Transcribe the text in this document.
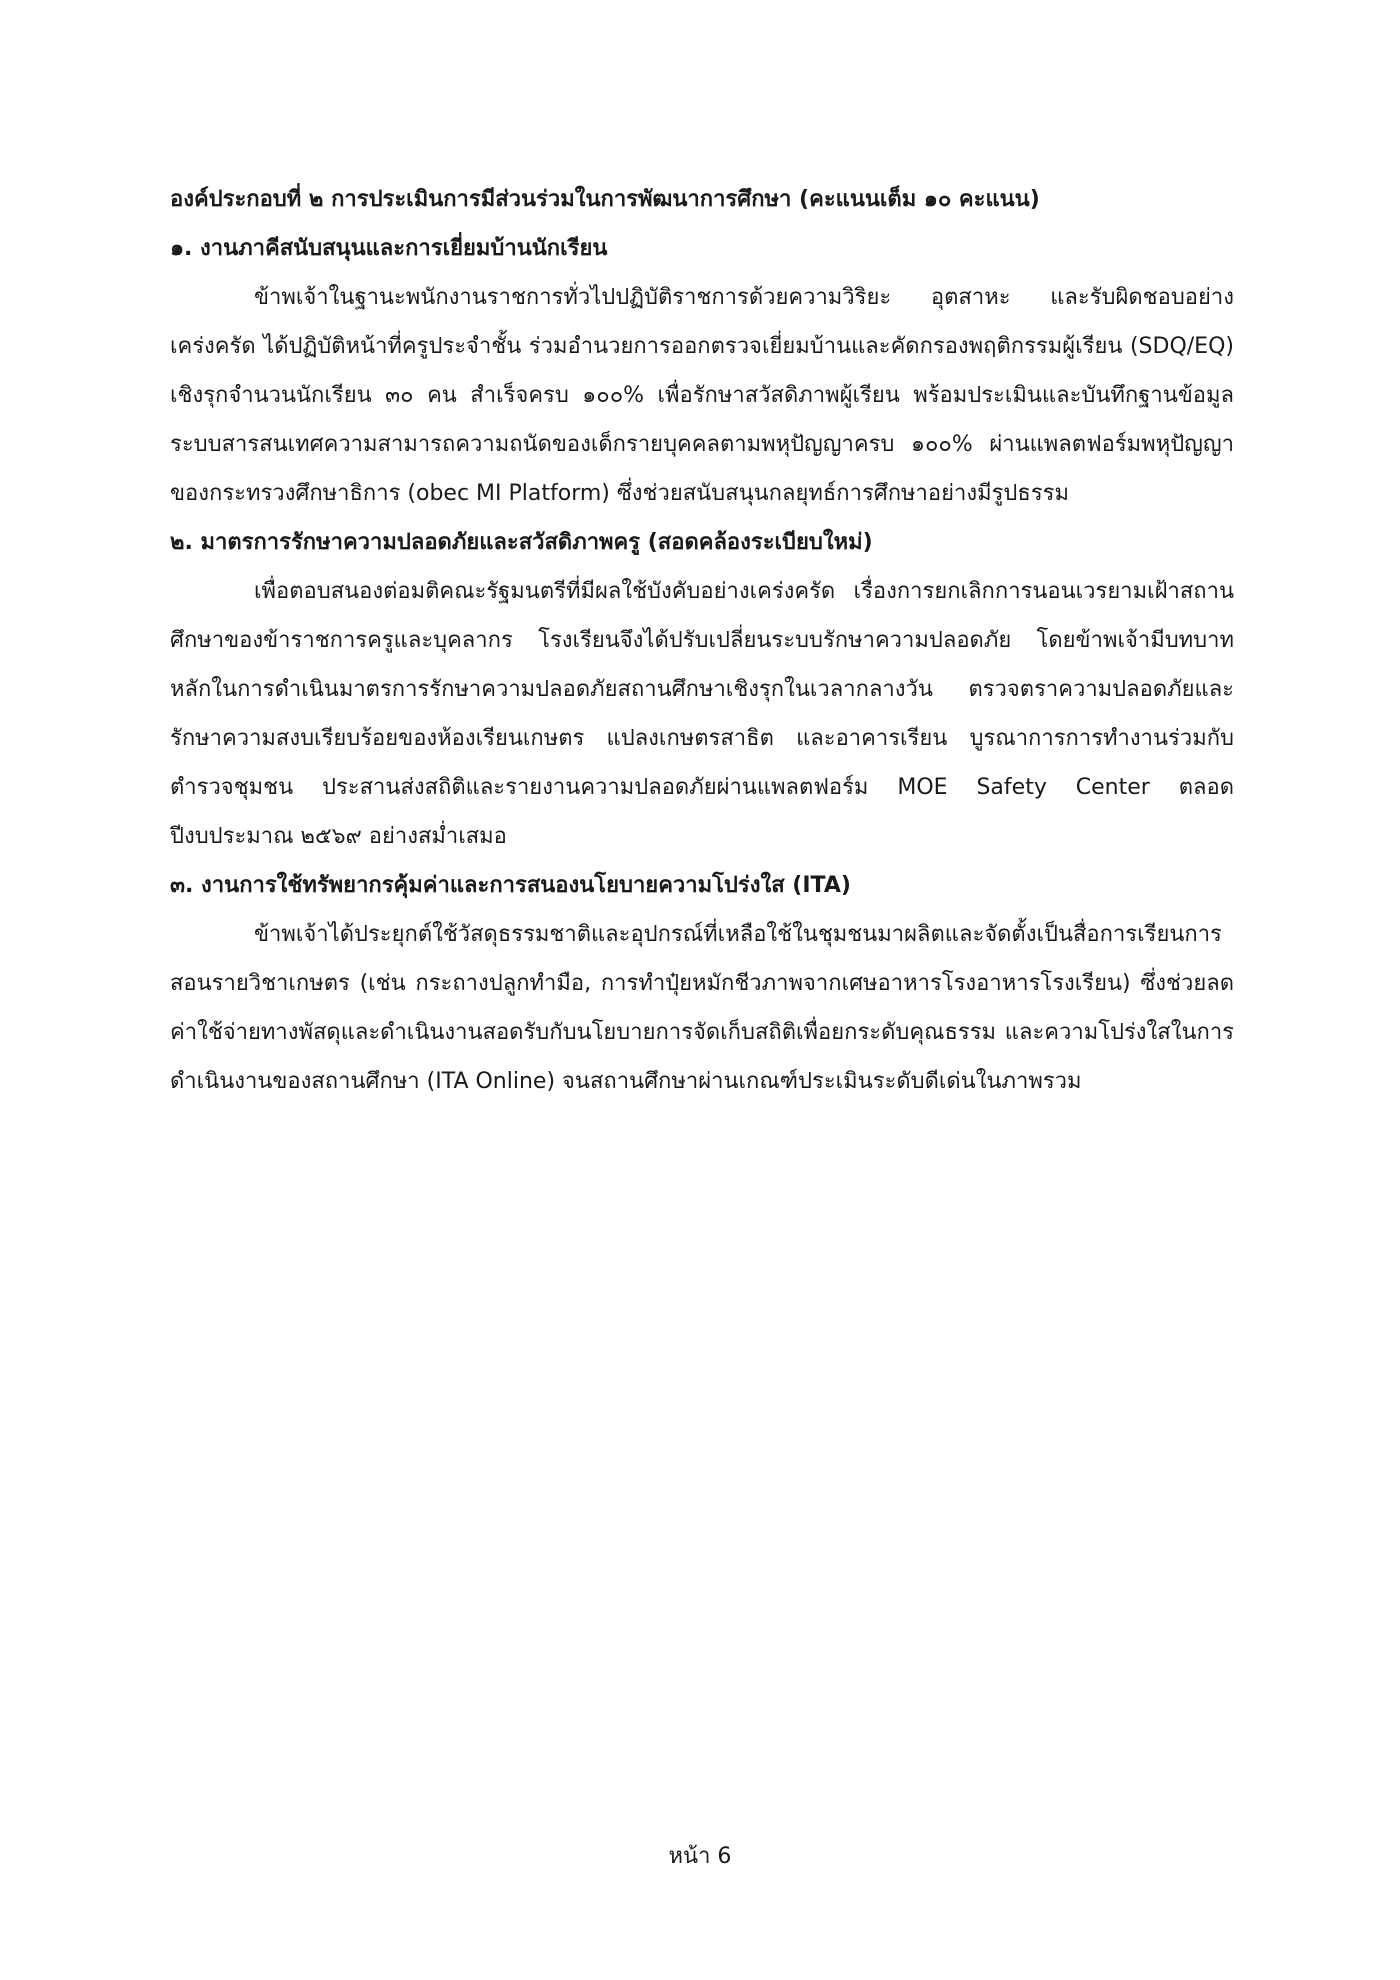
องค์ประกอบที่ ๒ การประเมินการมีส่วนร่วมในการพัฒนาการศึกษา (คะแนนเต็ม ๑๐ คะแนน)

๑. งานภาคีสนับสนุนและการเยี่ยมบ้านนักเรียน

ข้าพเจ้าในฐานะพนักงานราชการทั่วไปปฏิบัติราชการด้วยความวิริยะ อุตสาหะ และรับผิดชอบอย่างเคร่งครัด ได้ปฏิบัติหน้าที่ครูประจำชั้น ร่วมอำนวยการออกตรวจเยี่ยมบ้านและคัดกรองพฤติกรรมผู้เรียน (SDQ/EQ) เชิงรุกจำนวนนักเรียน ๓๐ คน สำเร็จครบ ๑๐๐% เพื่อรักษาสวัสดิภาพผู้เรียน พร้อมประเมินและบันทึกฐานข้อมูลระบบสารสนเทศความสามารถความถนัดของเด็กรายบุคคลตามพหุปัญญาครบ ๑๐๐% ผ่านแพลตฟอร์มพหุปัญญา ของกระทรวงศึกษาธิการ (obec MI Platform) ซึ่งช่วยสนับสนุนกลยุทธ์การศึกษาอย่างมีรูปธรรม

๒. มาตรการรักษาความปลอดภัยและสวัสดิภาพครู (สอดคล้องระเบียบใหม่)

เพื่อตอบสนองต่อมติคณะรัฐมนตรีที่มีผลใช้บังคับอย่างเคร่งครัด เรื่องการยกเลิกการนอนเวรยามเฝ้าสถานศึกษาของข้าราชการครูและบุคลากร โรงเรียนจึงได้ปรับเปลี่ยนระบบรักษาความปลอดภัย โดยข้าพเจ้ามีบทบาทหลักในการดำเนินมาตรการรักษาความปลอดภัยสถานศึกษาเชิงรุกในเวลากลางวัน ตรวจตราความปลอดภัยและรักษาความสงบเรียบร้อยของห้องเรียนเกษตร แปลงเกษตรสาธิต และอาคารเรียน บูรณาการการทำงานร่วมกับตำรวจชุมชน ประสานส่งสถิติและรายงานความปลอดภัยผ่านแพลตฟอร์ม MOE Safety Center ตลอดปีงบประมาณ ๒๕๖๙ อย่างสม่ำเสมอ

๓. งานการใช้ทรัพยากรคุ้มค่าและการสนองนโยบายความโปร่งใส (ITA)

ข้าพเจ้าได้ประยุกต์ใช้วัสดุธรรมชาติและอุปกรณ์ที่เหลือใช้ในชุมชนมาผลิตและจัดตั้งเป็นสื่อการเรียนการสอนรายวิชาเกษตร (เช่น กระถางปลูกทำมือ, การทำปุ๋ยหมักชีวภาพจากเศษอาหารโรงอาหารโรงเรียน) ซึ่งช่วยลดค่าใช้จ่ายทางพัสดุและดำเนินงานสอดรับกับนโยบายการจัดเก็บสถิติเพื่อยกระดับคุณธรรม และความโปร่งใสในการดำเนินงานของสถานศึกษา (ITA Online) จนสถานศึกษาผ่านเกณฑ์ประเมินระดับดีเด่นในภาพรวม

หน้า 6
